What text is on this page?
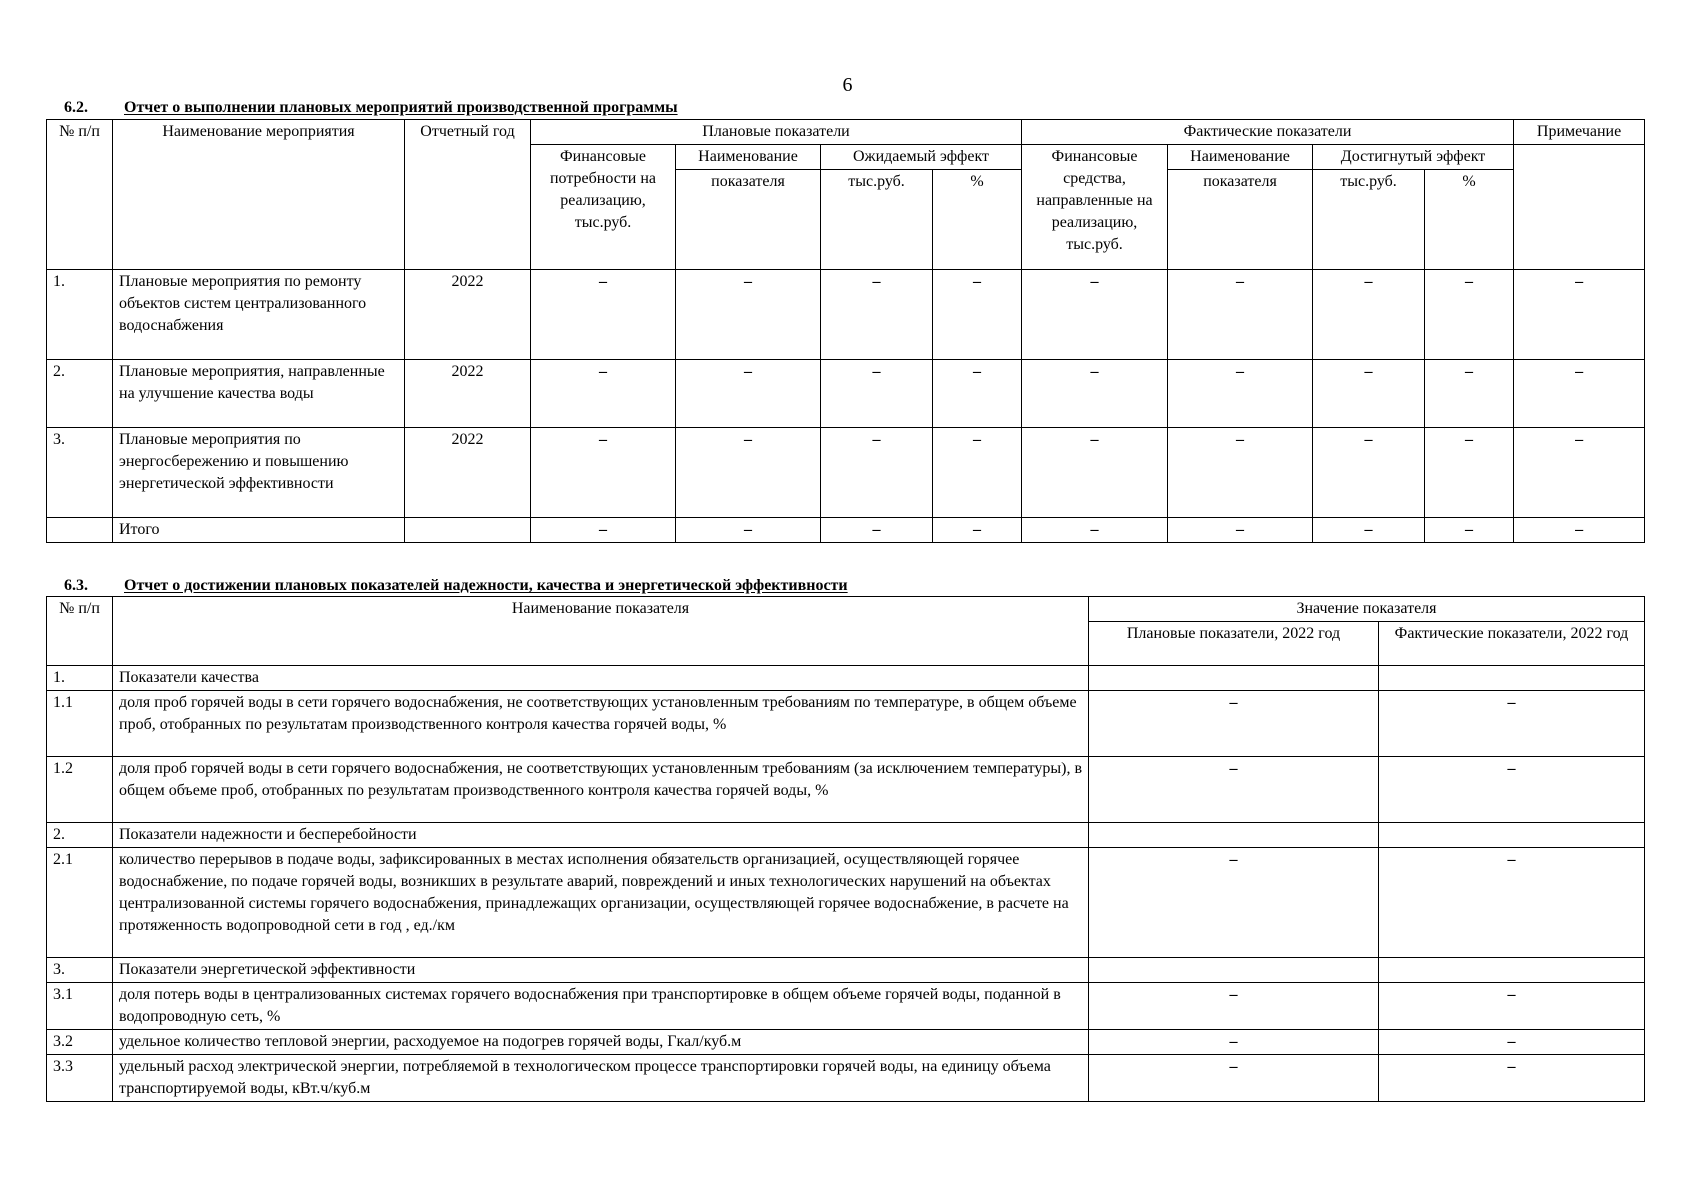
6
6.2. Отчет о выполнении плановых мероприятий производственной программы
№ п/п	Наименование мероприятия	Отчетный год	Плановые показатели				Фактические показатели				Примечание
			Финансовые потребности на реализацию, тыс.руб.	Наименование	Ожидаемый эффект		Финансовые средства, направленные на реализацию, тыс.руб.	Наименование	Достигнутый эффект		
				показателя	тыс.руб.	%		показателя	тыс.руб.	%	
1.	Плановые мероприятия по ремонту объектов систем централизованного водоснабжения	2022	–	–	–	–	–	–	–	–	–
2.	Плановые мероприятия, направленные на улучшение качества воды	2022	–	–	–	–	–	–	–	–	–
3.	Плановые мероприятия по энергосбережению и повышению энергетической эффективности	2022	–	–	–	–	–	–	–	–	–
	Итого		–	–	–	–	–	–	–	–	–
6.3. Отчет о достижении плановых показателей надежности, качества и энергетической эффективности
№ п/п	Наименование показателя	Значение показателя	
		Плановые показатели, 2022 год	Фактические показатели, 2022 год
1.	Показатели качества		
1.1	доля проб горячей воды в сети горячего водоснабжения, не соответствующих установленным требованиям по температуре, в общем объеме проб, отобранных по результатам производственного контроля качества горячей воды, %	–	–
1.2	доля проб горячей воды в сети горячего водоснабжения, не соответствующих установленным требованиям (за исключением температуры), в общем объеме проб, отобранных по результатам производственного контроля качества горячей воды, %	–	–
2.	Показатели надежности и бесперебойности		
2.1	количество перерывов в подаче воды, зафиксированных в местах исполнения обязательств организацией, осуществляющей горячее водоснабжение, по подаче горячей воды, возникших в результате аварий, повреждений и иных технологических нарушений на объектах централизованной системы горячего водоснабжения, принадлежащих организации, осуществляющей горячее водоснабжение, в расчете на протяженность водопроводной сети в год , ед./км	–	–
3.	Показатели энергетической эффективности		
3.1	доля потерь воды в централизованных системах горячего водоснабжения при транспортировке в общем объеме горячей воды, поданной в водопроводную сеть, %	–	–
3.2	удельное количество тепловой энергии, расходуемое на подогрев горячей воды, Гкал/куб.м	–	–
3.3	удельный расход электрической энергии, потребляемой в технологическом процессе транспортировки горячей воды, на единицу объема транспортируемой воды, кВт.ч/куб.м	–	–
